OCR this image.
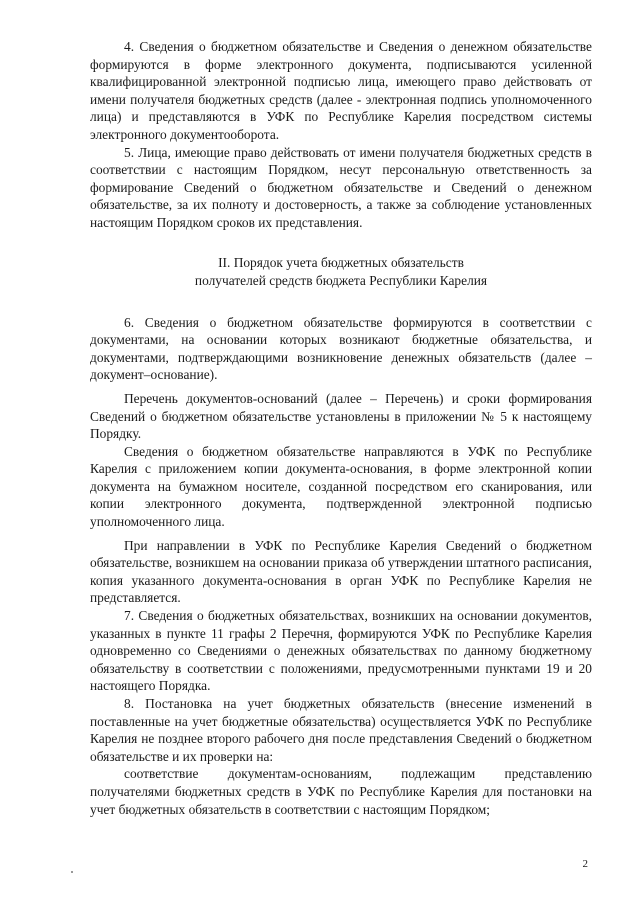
4. Сведения о бюджетном обязательстве и Сведения о денежном обязательстве формируются в форме электронного документа, подписываются усиленной квалифицированной электронной подписью лица, имеющего право действовать от имени получателя бюджетных средств (далее - электронная подпись уполномоченного лица) и представляются в УФК по Республике Карелия посредством системы электронного документооборота.

5. Лица, имеющие право действовать от имени получателя бюджетных средств в соответствии с настоящим Порядком, несут персональную ответственность за формирование Сведений о бюджетном обязательстве и Сведений о денежном обязательстве, за их полноту и достоверность, а также за соблюдение установленных настоящим Порядком сроков их представления.

II. Порядок учета бюджетных обязательств
получателей средств бюджета Республики Карелия

6. Сведения о бюджетном обязательстве формируются в соответствии с документами, на основании которых возникают бюджетные обязательства, и документами, подтверждающими возникновение денежных обязательств (далее – документ–основание).

Перечень документов-оснований (далее – Перечень) и сроки формирования Сведений о бюджетном обязательстве установлены в приложении № 5 к настоящему Порядку.

Сведения о бюджетном обязательстве направляются в УФК по Республике Карелия с приложением копии документа-основания, в форме электронной копии документа на бумажном носителе, созданной посредством его сканирования, или копии электронного документа, подтвержденной электронной подписью уполномоченного лица.

При направлении в УФК по Республике Карелия Сведений о бюджетном обязательстве, возникшем на основании приказа об утверждении штатного расписания, копия указанного документа-основания в орган УФК по Республике Карелия не представляется.

7. Сведения о бюджетных обязательствах, возникших на основании документов, указанных в пункте 11 графы 2 Перечня, формируются УФК по Республике Карелия одновременно со Сведениями о денежных обязательствах по данному бюджетному обязательству в соответствии с положениями, предусмотренными пунктами 19 и 20 настоящего Порядка.

8. Постановка на учет бюджетных обязательств (внесение изменений в поставленные на учет бюджетные обязательства) осуществляется УФК по Республике Карелия не позднее второго рабочего дня после представления Сведений о бюджетном обязательстве и их проверки на:

соответствие документам-основаниям, подлежащим представлению получателями бюджетных средств в УФК по Республике Карелия для постановки на учет бюджетных обязательств в соответствии с настоящим Порядком;

2
